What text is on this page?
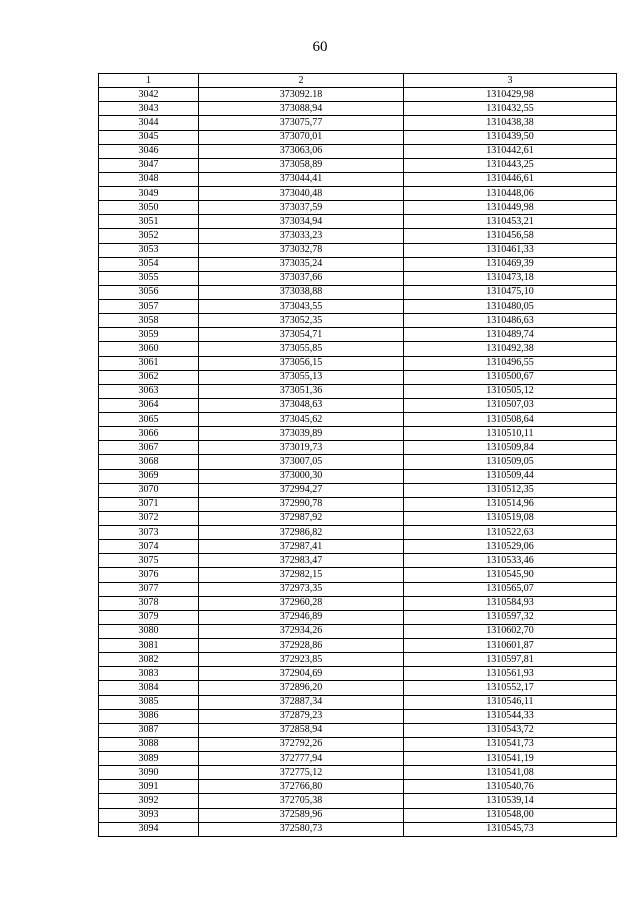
60
1	2	3
3042	373092.18	1310429,98
3043	373088,94	1310432,55
3044	373075,77	1310438,38
3045	373070,01	1310439,50
3046	373063,06	1310442,61
3047	373058,89	1310443,25
3048	373044,41	1310446,61
3049	373040,48	1310448,06
3050	373037,59	1310449,98
3051	373034,94	1310453,21
3052	373033,23	1310456,58
3053	373032,78	1310461,33
3054	373035,24	1310469,39
3055	373037,66	1310473,18
3056	373038,88	1310475,10
3057	373043,55	1310480,05
3058	373052,35	1310486,63
3059	373054,71	1310489,74
3060	373055,85	1310492,38
3061	373056,15	1310496,55
3062	373055,13	1310500,67
3063	373051,36	1310505,12
3064	373048,63	1310507,03
3065	373045,62	1310508,64
3066	373039,89	1310510,11
3067	373019,73	1310509,84
3068	373007,05	1310509,05
3069	373000,30	1310509,44
3070	372994,27	1310512,35
3071	372990,78	1310514,96
3072	372987,92	1310519,08
3073	372986,82	1310522,63
3074	372987,41	1310529,06
3075	372983,47	1310533,46
3076	372982,15	1310545,90
3077	372973,35	1310565,07
3078	372960,28	1310584,93
3079	372946,89	1310597,32
3080	372934,26	1310602,70
3081	372928,86	1310601,87
3082	372923,85	1310597,81
3083	372904,69	1310561,93
3084	372896,20	1310552,17
3085	372887,34	1310546,11
3086	372879,23	1310544,33
3087	372858,94	1310543,72
3088	372792,26	1310541,73
3089	372777,94	1310541,19
3090	372775,12	1310541,08
3091	372766,80	1310540,76
3092	372705,38	1310539,14
3093	372589,96	1310548,00
3094	372580,73	1310545,73
